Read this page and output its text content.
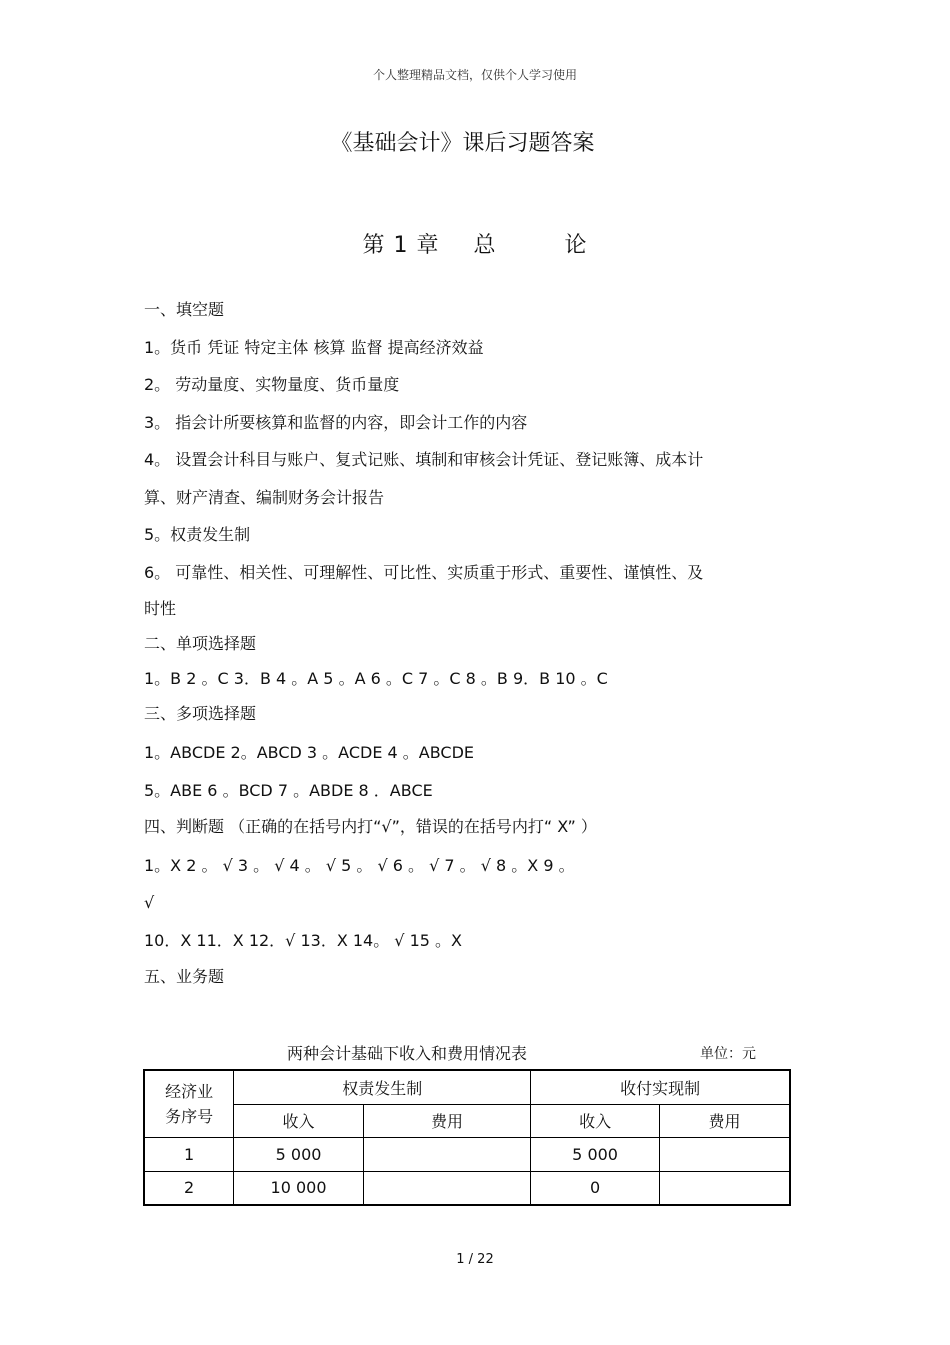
个人整理精品文档，仅供个人学习使用
《基础会计》课后习题答案
第 1 章 总	论
一、填空题
1。货币 凭证 特定主体 核算 监督 提高经济效益
2。 劳动量度、实物量度、货币量度
3。 指会计所要核算和监督的内容，即会计工作的内容
4。 设置会计科目与账户、复式记账、填制和审核会计凭证、登记账簿、成本计
算、财产清查、编制财务会计报告
5。权责发生制
6。 可靠性、相关性、可理解性、可比性、实质重于形式、重要性、谨慎性、及
时性
二、单项选择题
1。B 2 。C 3．B 4 。A 5 。A 6 。C 7 。C 8 。B 9．B 10 。C
三、多项选择题
1。ABCDE 2。ABCD 3 。ACDE 4 。ABCDE
5。ABE 6 。BCD 7 。ABDE 8 ．ABCE
四、判断题 （正确的在括号内打“√”，错误的在括号内打“ X” ）
1。X 2 。 √ 3 。 √ 4 。 √ 5 。 √ 6 。 √ 7 。 √ 8 。X 9 。
√
10．X 11．X 12．√ 13．X 14。 √ 15 。X
五、业务题
两种会计基础下收入和费用情况表	单位：元
经济业
务序号	权责发生制		收付实现制	
	收入	费用	收入	费用
1	5 000		5 000	
2	10 000		0	
1 / 22
